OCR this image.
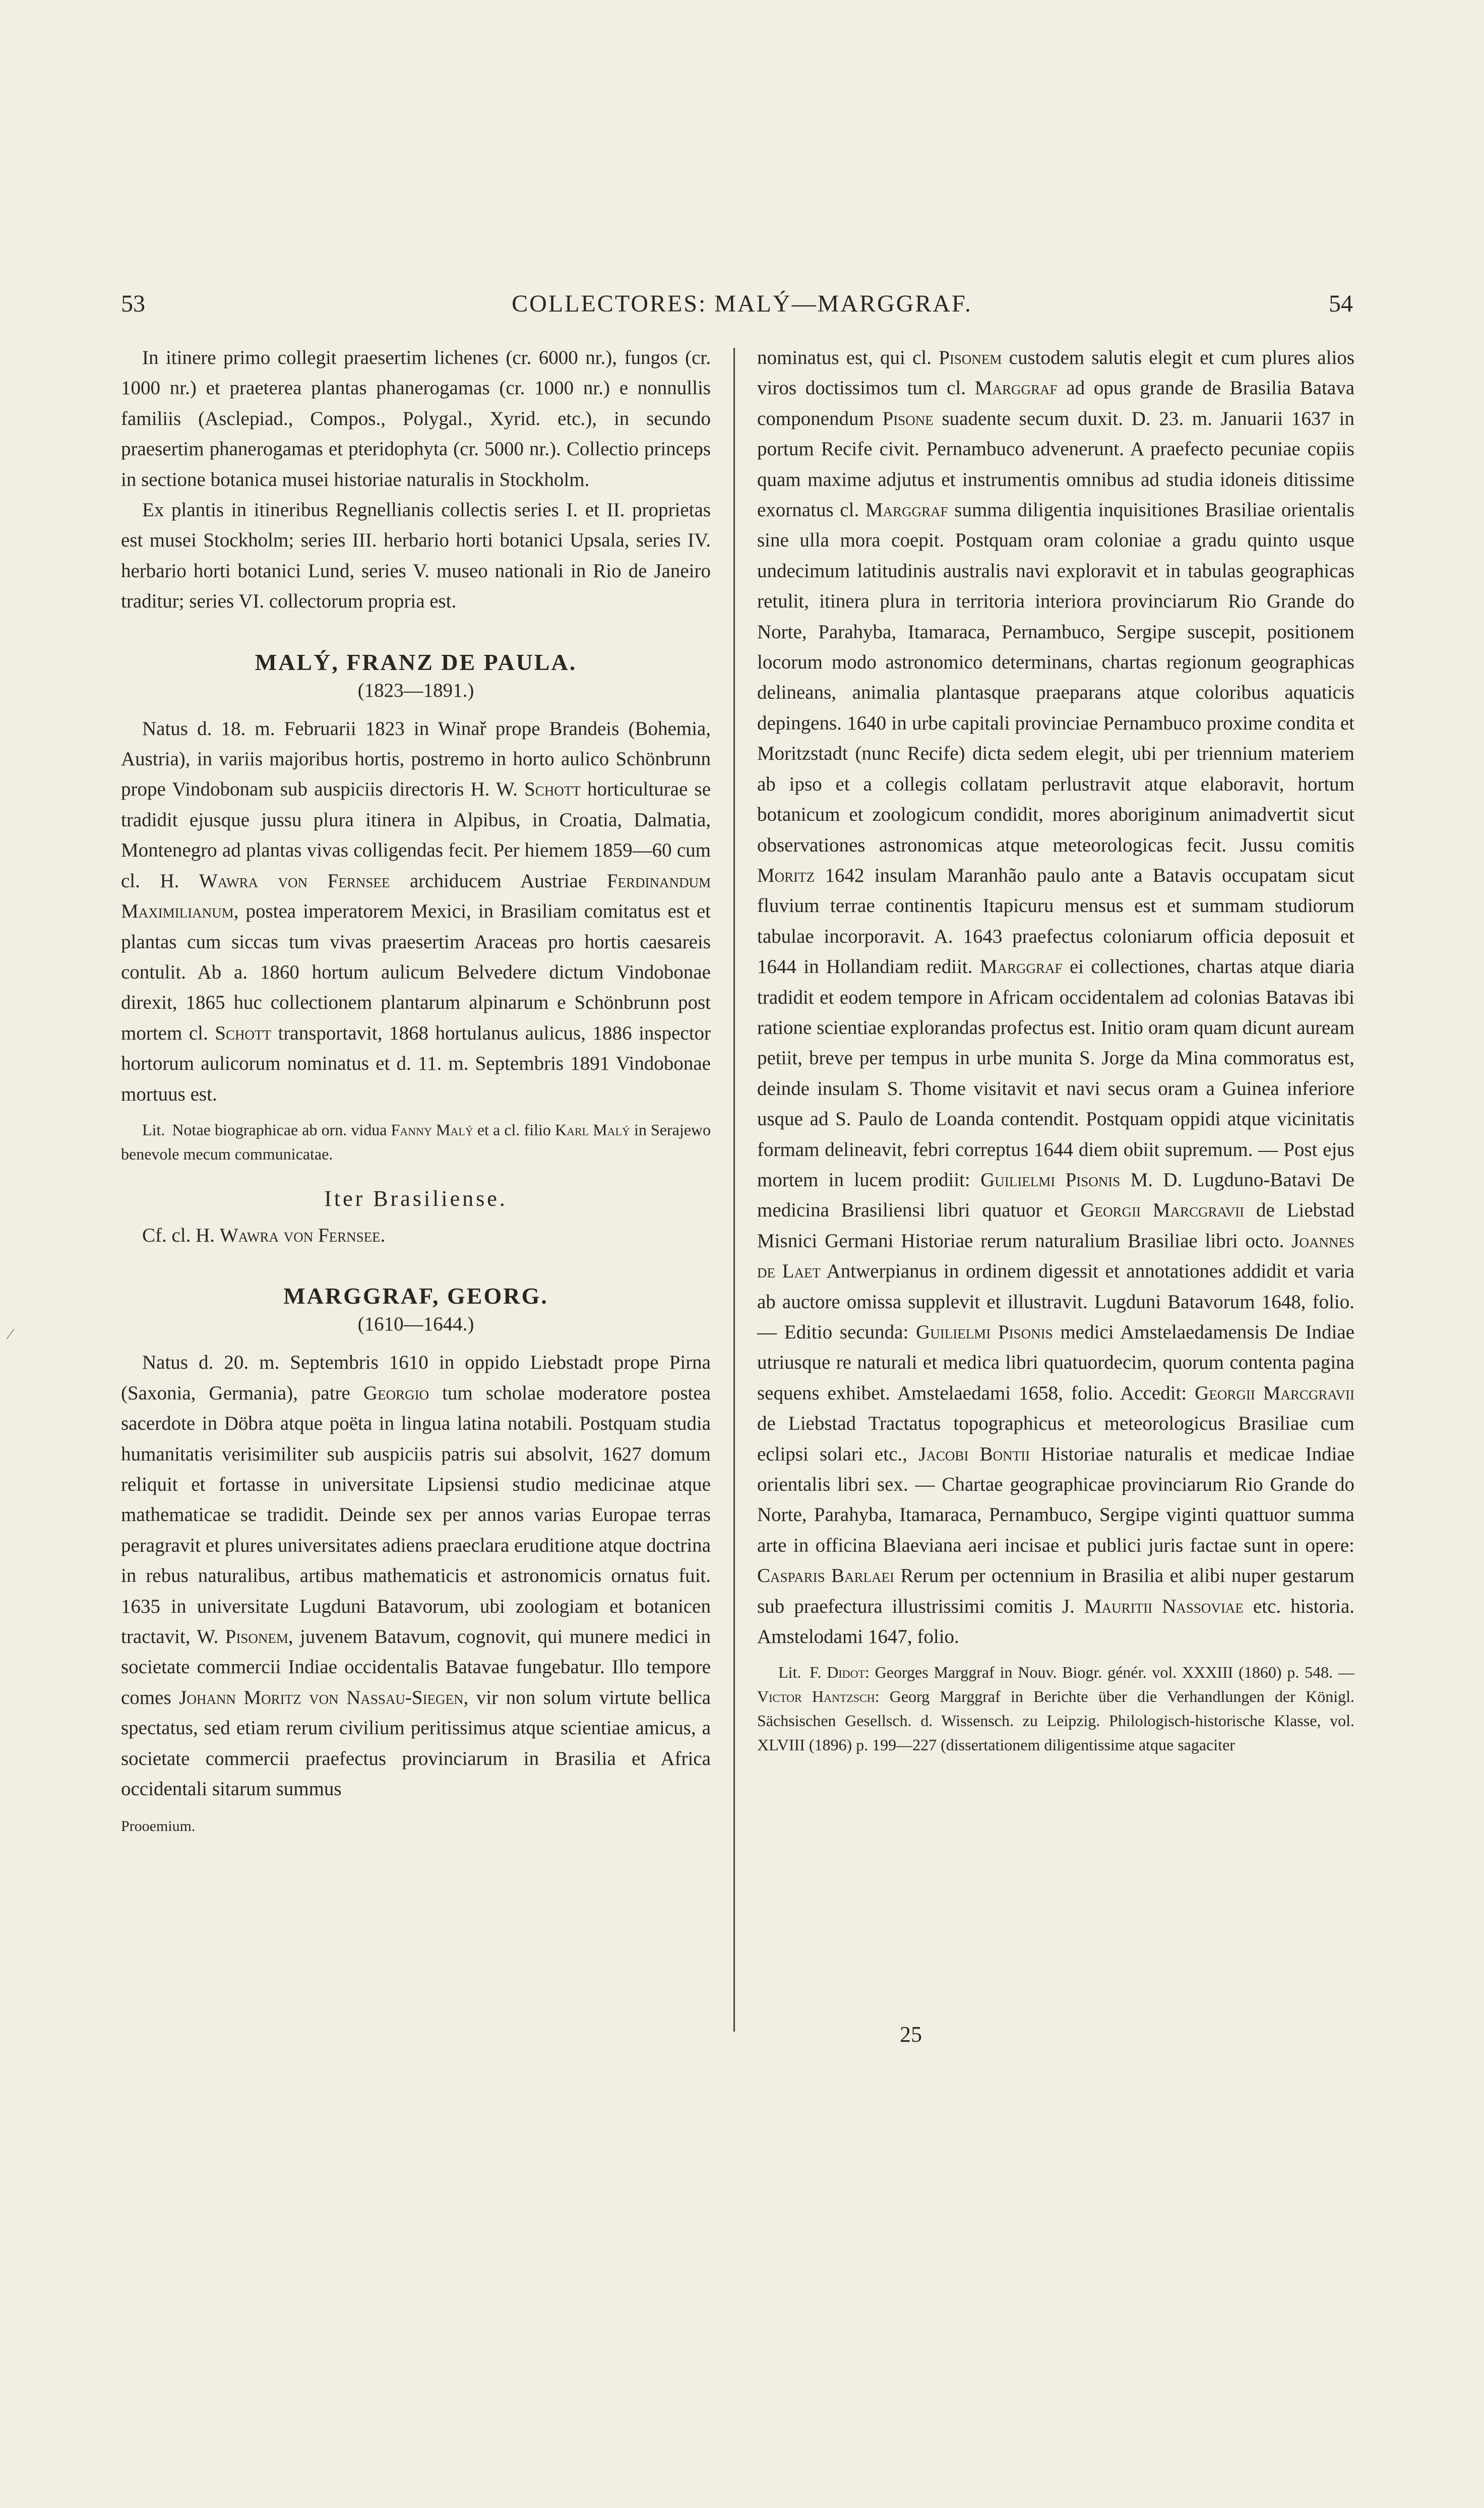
53	COLLECTORES: MALÝ—MARGGRAF.	54
⁄

In itinere primo collegit praesertim lichenes (cr. 6000 nr.), fungos (cr. 1000 nr.) et praeterea plantas phanerogamas (cr. 1000 nr.) e nonnullis familiis (Asclepiad., Compos., Polygal., Xyrid. etc.), in secundo praesertim phanerogamas et pteridophyta (cr. 5000 nr.). Collectio princeps in sectione botanica musei historiae naturalis in Stockholm.

Ex plantis in itineribus Regnellianis collectis series I. et II. proprietas est musei Stockholm; series III. herbario horti botanici Upsala, series IV. herbario horti botanici Lund, series V. museo nationali in Rio de Janeiro traditur; series VI. collectorum propria est.

MALÝ, FRANZ DE PAULA.
(1823—1891.)

Natus d. 18. m. Februarii 1823 in Winař prope Brandeis (Bohemia, Austria), in variis majoribus hortis, postremo in horto aulico Schönbrunn prope Vindobonam sub auspiciis directoris H. W. Schott horticulturae se tradidit ejusque jussu plura itinera in Alpibus, in Croatia, Dalmatia, Montenegro ad plantas vivas colligendas fecit. Per hiemem 1859—60 cum cl. H. Wawra von Fernsee archiducem Austriae Ferdinandum Maximilianum, postea imperatorem Mexici, in Brasiliam comitatus est et plantas cum siccas tum vivas praesertim Araceas pro hortis caesareis contulit. Ab a. 1860 hortum aulicum Belvedere dictum Vindobonae direxit, 1865 huc collectionem plantarum alpinarum e Schönbrunn post mortem cl. Schott transportavit, 1868 hortulanus aulicus, 1886 inspector hortorum aulicorum nominatus et d. 11. m. Septembris 1891 Vindobonae mortuus est.

Lit. Notae biographicae ab orn. vidua Fanny Malý et a cl. filio Karl Malý in Serajewo benevole mecum communicatae.

Iter Brasiliense.

Cf. cl. H. Wawra von Fernsee.

MARGGRAF, GEORG.
(1610—1644.)

Natus d. 20. m. Septembris 1610 in oppido Liebstadt prope Pirna (Saxonia, Germania), patre Georgio tum scholae moderatore postea sacerdote in Döbra atque poëta in lingua latina notabili. Postquam studia humanitatis verisimiliter sub auspiciis patris sui absolvit, 1627 domum reliquit et fortasse in universitate Lipsiensi studio medicinae atque mathematicae se tradidit. Deinde sex per annos varias Europae terras peragravit et plures universitates adiens praeclara eruditione atque doctrina in rebus naturalibus, artibus mathematicis et astronomicis ornatus fuit. 1635 in universitate Lugduni Batavorum, ubi zoologiam et botanicen tractavit, W. Pisonem, juvenem Batavum, cognovit, qui munere medici in societate commercii Indiae occidentalis Batavae fungebatur. Illo tempore comes Johann Moritz von Nassau-Siegen, vir non solum virtute bellica spectatus, sed etiam rerum civilium peritissimus atque scientiae amicus, a societate commercii praefectus provinciarum in Brasilia et Africa occidentali sitarum summus

Prooemium.

nominatus est, qui cl. Pisonem custodem salutis elegit et cum plures alios viros doctissimos tum cl. Marggraf ad opus grande de Brasilia Batava componendum Pisone suadente secum duxit. D. 23. m. Januarii 1637 in portum Recife civit. Pernambuco advenerunt. A praefecto pecuniae copiis quam maxime adjutus et instrumentis omnibus ad studia idoneis ditissime exornatus cl. Marggraf summa diligentia inquisitiones Brasiliae orientalis sine ulla mora coepit. Postquam oram coloniae a gradu quinto usque undecimum latitudinis australis navi exploravit et in tabulas geographicas retulit, itinera plura in territoria interiora provinciarum Rio Grande do Norte, Parahyba, Itamaraca, Pernambuco, Sergipe suscepit, positionem locorum modo astronomico determinans, chartas regionum geographicas delineans, animalia plantasque praeparans atque coloribus aquaticis depingens. 1640 in urbe capitali provinciae Pernambuco proxime condita et Moritzstadt (nunc Recife) dicta sedem elegit, ubi per triennium materiem ab ipso et a collegis collatam perlustravit atque elaboravit, hortum botanicum et zoologicum condidit, mores aboriginum animadvertit sicut observationes astronomicas atque meteorologicas fecit. Jussu comitis Moritz 1642 insulam Maranhão paulo ante a Batavis occupatam sicut fluvium terrae continentis Itapicuru mensus est et summam studiorum tabulae incorporavit. A. 1643 praefectus coloniarum officia deposuit et 1644 in Hollandiam rediit. Marggraf ei collectiones, chartas atque diaria tradidit et eodem tempore in Africam occidentalem ad colonias Batavas ibi ratione scientiae explorandas profectus est. Initio oram quam dicunt auream petiit, breve per tempus in urbe munita S. Jorge da Mina commoratus est, deinde insulam S. Thome visitavit et navi secus oram a Guinea inferiore usque ad S. Paulo de Loanda contendit. Postquam oppidi atque vicinitatis formam delineavit, febri correptus 1644 diem obiit supremum. — Post ejus mortem in lucem prodiit: Guilielmi Pisonis M. D. Lugduno-Batavi De medicina Brasiliensi libri quatuor et Georgii Marcgravii de Liebstad Misnici Germani Historiae rerum naturalium Brasiliae libri octo. Joannes de Laet Antwerpianus in ordinem digessit et annotationes addidit et varia ab auctore omissa supplevit et illustravit. Lugduni Batavorum 1648, folio. — Editio secunda: Guilielmi Pisonis medici Amstelaedamensis De Indiae utriusque re naturali et medica libri quatuordecim, quorum contenta pagina sequens exhibet. Amstelaedami 1658, folio. Accedit: Georgii Marcgravii de Liebstad Tractatus topographicus et meteorologicus Brasiliae cum eclipsi solari etc., Jacobi Bontii Historiae naturalis et medicae Indiae orientalis libri sex. — Chartae geographicae provinciarum Rio Grande do Norte, Parahyba, Itamaraca, Pernambuco, Sergipe viginti quattuor summa arte in officina Blaeviana aeri incisae et publici juris factae sunt in opere: Casparis Barlaei Rerum per octennium in Brasilia et alibi nuper gestarum sub praefectura illustrissimi comitis J. Mauritii Nassoviae etc. historia. Amstelodami 1647, folio.

Lit. F. Didot: Georges Marggraf in Nouv. Biogr. génér. vol. XXXIII (1860) p. 548. — Victor Hantzsch: Georg Marggraf in Berichte über die Verhandlungen der Königl. Sächsischen Gesellsch. d. Wissensch. zu Leipzig. Philologisch-historische Klasse, vol. XLVIII (1896) p. 199—227 (dissertationem diligentissime atque sagaciter

25
